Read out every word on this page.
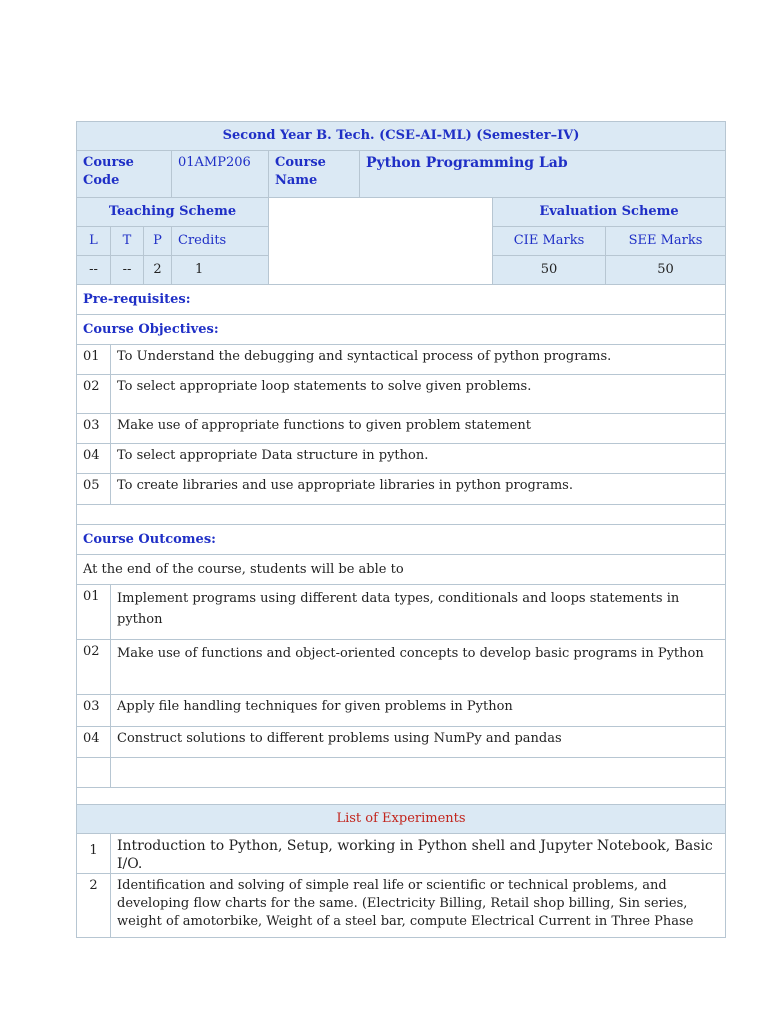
Second Year B. Tech. (CSE-AI-ML) (Semester–IV)							
Course Code			01AMP206	Course Name	Python Programming Lab		
Teaching Scheme						Evaluation Scheme	
L	T	P	Credits			CIE Marks	SEE Marks
--	--	2	1			50	50
Pre-requisites:							
Course Objectives:							
01	To Understand the debugging and syntactical process of python programs.						
02	To select appropriate loop statements to solve given problems.						
03	Make use of appropriate functions to given problem statement						
04	To select appropriate Data structure in python.						
05	To create libraries and use appropriate libraries in python programs.						

Course Outcomes:							
At the end of the course, students will be able to							
01	Implement programs using different data types, conditionals and loops statements in python						
02	Make use of functions and object-oriented concepts to develop basic programs in Python						
03	Apply file handling techniques for given problems in Python						
04	Construct solutions to different problems using NumPy and pandas						

List of Experiments							
1	Introduction to Python, Setup, working in Python shell and Jupyter Notebook, Basic I/O.						
2	Identification and solving of simple real life or scientific or technical problems, and developing flow charts for the same. (Electricity Billing, Retail shop billing, Sin series, weight of amotorbike, Weight of a steel bar, compute Electrical Current in Three Phase						
